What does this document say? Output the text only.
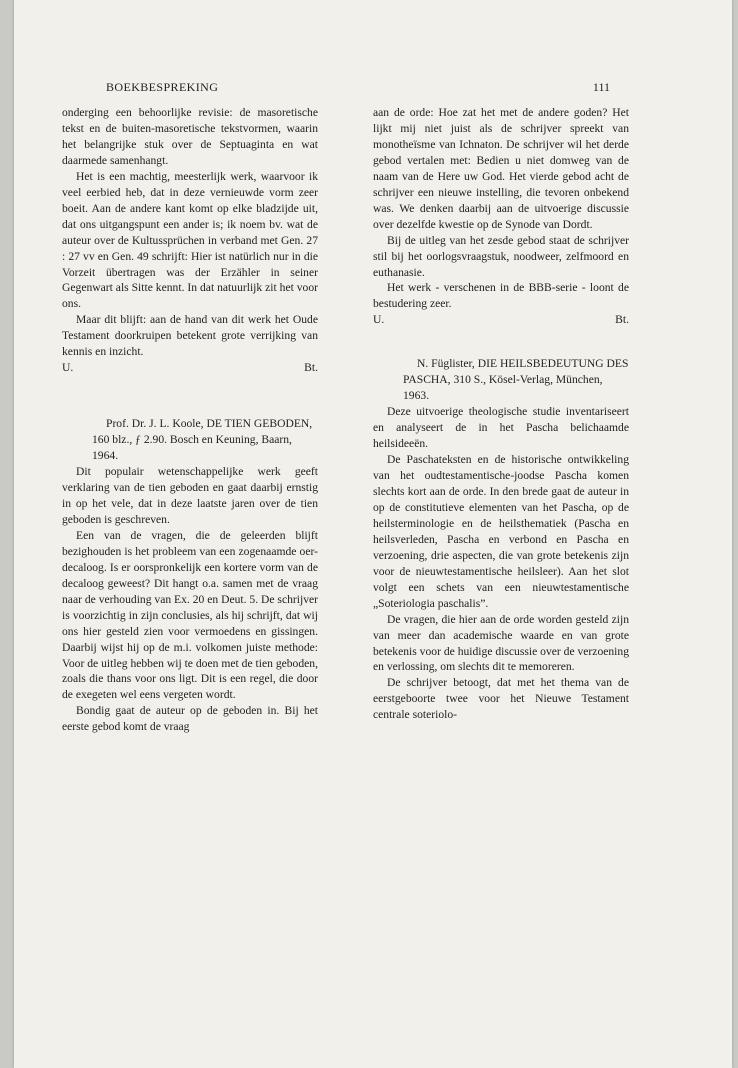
BOEKBESPREKING	111

onderging een behoorlijke revisie: de masoretische tekst en de buiten-masoretische tekstvormen, waarin het belangrijke stuk over de Septuaginta en wat daarmede samenhangt.

Het is een machtig, meesterlijk werk, waarvoor ik veel eerbied heb, dat in deze vernieuwde vorm zeer boeit. Aan de andere kant komt op elke bladzijde uit, dat ons uitgangspunt een ander is; ik noem bv. wat de auteur over de Kultussprüchen in verband met Gen. 27 : 27 vv en Gen. 49 schrijft: Hier ist natürlich nur in die Vorzeit übertragen was der Erzähler in seiner Gegenwart als Sitte kennt. In dat natuurlijk zit het voor ons.

Maar dit blijft: aan de hand van dit werk het Oude Testament doorkruipen betekent grote verrijking van kennis en inzicht.

U.	Bt.

Prof. Dr. J. L. Koole, DE TIEN GEBODEN, 160 blz., ƒ 2.90. Bosch en Keuning, Baarn, 1964.

Dit populair wetenschappelijke werk geeft verklaring van de tien geboden en gaat daarbij ernstig in op het vele, dat in deze laatste jaren over de tien geboden is geschreven.

Een van de vragen, die de geleerden blijft bezighouden is het probleem van een zogenaamde oer-decaloog. Is er oorspronkelijk een kortere vorm van de decaloog geweest? Dit hangt o.a. samen met de vraag naar de verhouding van Ex. 20 en Deut. 5. De schrijver is voorzichtig in zijn conclusies, als hij schrijft, dat wij ons hier gesteld zien voor vermoedens en gissingen. Daarbij wijst hij op de m.i. volkomen juiste methode: Voor de uitleg hebben wij te doen met de tien geboden, zoals die thans voor ons ligt. Dit is een regel, die door de exegeten wel eens vergeten wordt.

Bondig gaat de auteur op de geboden in. Bij het eerste gebod komt de vraag

aan de orde: Hoe zat het met de andere goden? Het lijkt mij niet juist als de schrijver spreekt van monotheïsme van Ichnaton. De schrijver wil het derde gebod vertalen met: Bedien u niet domweg van de naam van de Here uw God. Het vierde gebod acht de schrijver een nieuwe instelling, die tevoren onbekend was. We denken daarbij aan de uitvoerige discussie over dezelfde kwestie op de Synode van Dordt.

Bij de uitleg van het zesde gebod staat de schrijver stil bij het oorlogsvraagstuk, noodweer, zelfmoord en euthanasie.

Het werk - verschenen in de BBB-serie - loont de bestudering zeer.

U.	Bt.

N. Füglister, DIE HEILSBEDEUTUNG DES PASCHA, 310 S., Kösel-Verlag, München, 1963.

Deze uitvoerige theologische studie inventariseert en analyseert de in het Pascha belichaamde heilsideeën.

De Paschateksten en de historische ontwikkeling van het oudtestamentische-joodse Pascha komen slechts kort aan de orde. In den brede gaat de auteur in op de constitutieve elementen van het Pascha, op de heilsterminologie en de heilsthematiek (Pascha en heilsverleden, Pascha en verbond en Pascha en verzoening, drie aspecten, die van grote betekenis zijn voor de nieuwtestamentische heilsleer). Aan het slot volgt een schets van een nieuwtestamentische „Soteriologia paschalis”.

De vragen, die hier aan de orde worden gesteld zijn van meer dan academische waarde en van grote betekenis voor de huidige discussie over de verzoening en verlossing, om slechts dit te memoreren.

De schrijver betoogt, dat met het thema van de eerstgeboorte twee voor het Nieuwe Testament centrale soteriolo-
